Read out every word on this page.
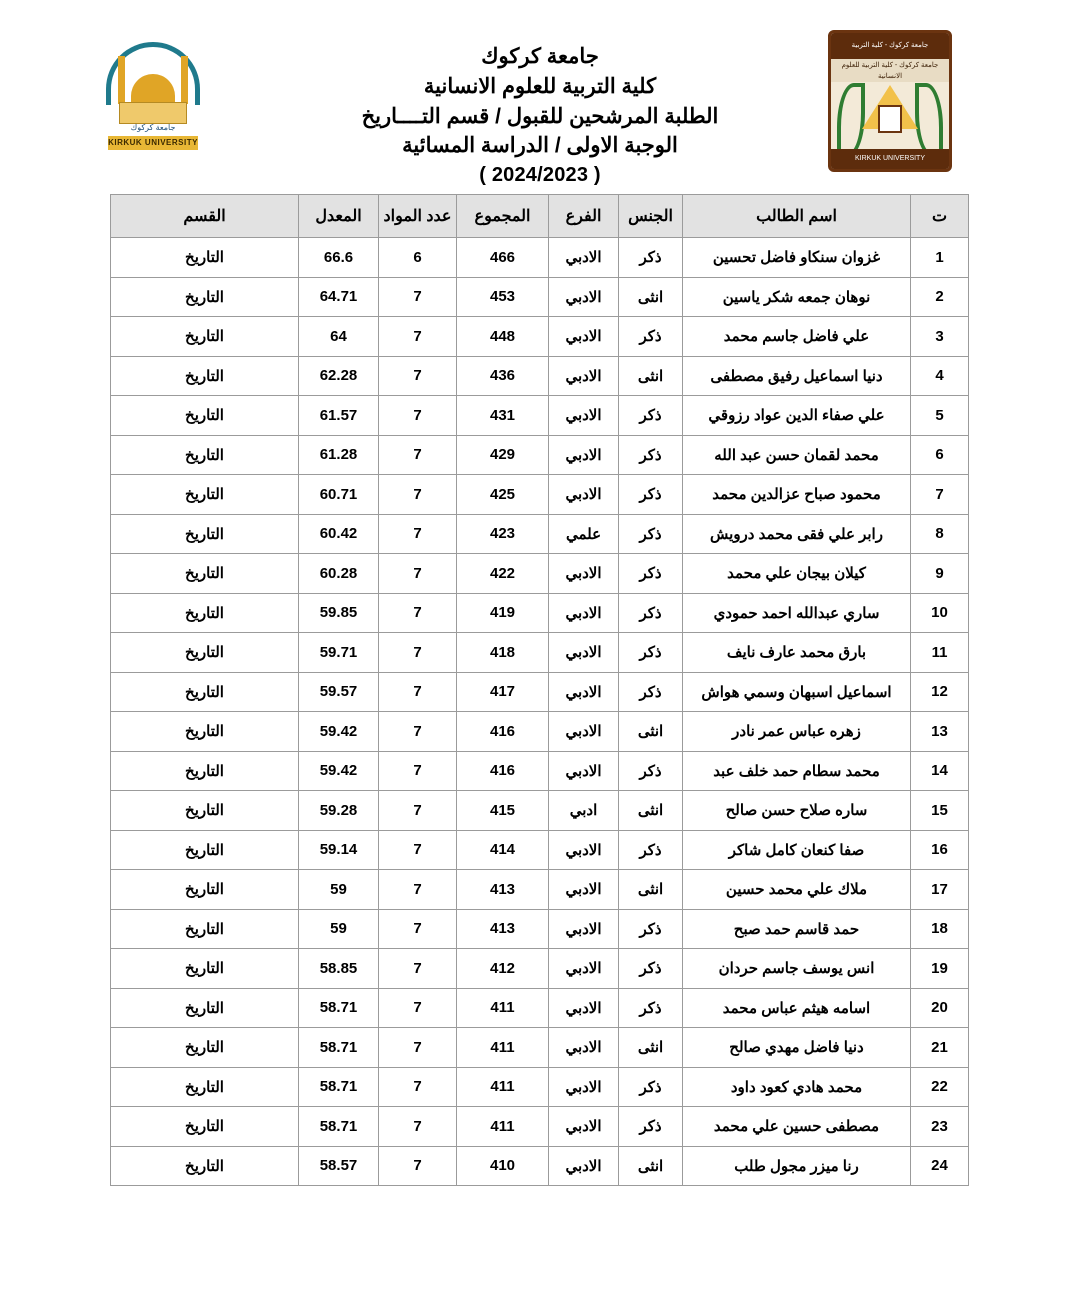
جامعة كركوك - كلية التربية
جامعة كركوك - كلية التربية للعلوم الانسانية
KIRKUK UNIVERSITY
جامعة كركوك
كلية التربية للعلوم الانسانية
الطلبة المرشحين للقبول / قسم التــــاريخ
الوجبة الاولى / الدراسة المسائية
( 2024/2023 )
جامعة كركوك
KIRKUK UNIVERSITY
ت	اسم الطالب	الجنس	الفرع	المجموع	عدد المواد	المعدل	القسم
1	غزوان سنكاو فاضل تحسين	ذكر	الادبي	466	6	66.6	التاريخ
2	نوهان جمعه شكر ياسين	انثى	الادبي	453	7	64.71	التاريخ
3	علي فاضل جاسم محمد	ذكر	الادبي	448	7	64	التاريخ
4	دنيا اسماعيل رفيق مصطفى	انثى	الادبي	436	7	62.28	التاريخ
5	علي صفاء الدين عواد رزوقي	ذكر	الادبي	431	7	61.57	التاريخ
6	محمد لقمان حسن عبد الله	ذكر	الادبي	429	7	61.28	التاريخ
7	محمود صباح عزالدين محمد	ذكر	الادبي	425	7	60.71	التاريخ
8	رابر علي فقى محمد درويش	ذكر	علمي	423	7	60.42	التاريخ
9	كيلان بيجان علي محمد	ذكر	الادبي	422	7	60.28	التاريخ
10	ساري عبدالله احمد حمودي	ذكر	الادبي	419	7	59.85	التاريخ
11	بارق محمد عارف نايف	ذكر	الادبي	418	7	59.71	التاريخ
12	اسماعيل اسبهان وسمي هواش	ذكر	الادبي	417	7	59.57	التاريخ
13	زهره عباس عمر نادر	انثى	الادبي	416	7	59.42	التاريخ
14	محمد سطام حمد خلف عبد	ذكر	الادبي	416	7	59.42	التاريخ
15	ساره صلاح حسن صالح	انثى	ادبي	415	7	59.28	التاريخ
16	صفا كنعان كامل شاكر	ذكر	الادبي	414	7	59.14	التاريخ
17	ملاك علي محمد حسين	انثى	الادبي	413	7	59	التاريخ
18	حمد قاسم حمد صبح	ذكر	الادبي	413	7	59	التاريخ
19	انس يوسف جاسم حردان	ذكر	الادبي	412	7	58.85	التاريخ
20	اسامه هيثم عباس محمد	ذكر	الادبي	411	7	58.71	التاريخ
21	دنيا فاضل مهدي صالح	انثى	الادبي	411	7	58.71	التاريخ
22	محمد هادي كعود داود	ذكر	الادبي	411	7	58.71	التاريخ
23	مصطفى حسين علي محمد	ذكر	الادبي	411	7	58.71	التاريخ
24	رنا ميزر مجول طلب	انثى	الادبي	410	7	58.57	التاريخ
